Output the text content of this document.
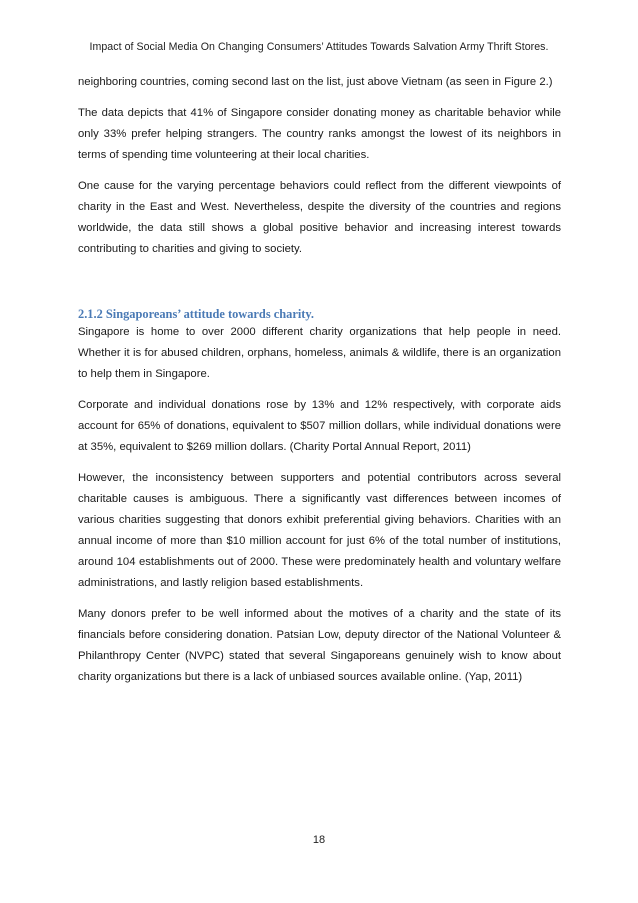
Impact of Social Media On Changing Consumers’ Attitudes Towards Salvation Army Thrift Stores.

neighboring countries, coming second last on the list, just above Vietnam (as seen in Figure 2.)

The data depicts that 41% of Singapore consider donating money as charitable behavior while only 33% prefer helping strangers. The country ranks amongst the lowest of its neighbors in terms of spending time volunteering at their local charities.

One cause for the varying percentage behaviors could reflect from the different viewpoints of charity in the East and West. Nevertheless, despite the diversity of the countries and regions worldwide, the data still shows a global positive behavior and increasing interest towards contributing to charities and giving to society.

2.1.2 Singaporeans’ attitude towards charity.

Singapore is home to over 2000 different charity organizations that help people in need. Whether it is for abused children, orphans, homeless, animals & wildlife, there is an organization to help them in Singapore.

Corporate and individual donations rose by 13% and 12% respectively, with corporate aids account for 65% of donations, equivalent to $507 million dollars, while individual donations were at 35%, equivalent to $269 million dollars. (Charity Portal Annual Report, 2011)

However, the inconsistency between supporters and potential contributors across several charitable causes is ambiguous. There a significantly vast differences between incomes of various charities suggesting that donors exhibit preferential giving behaviors. Charities with an annual income of more than $10 million account for just 6% of the total number of institutions, around 104 establishments out of 2000. These were predominately health and voluntary welfare administrations, and lastly religion based establishments.

Many donors prefer to be well informed about the motives of a charity and the state of its financials before considering donation. Patsian Low, deputy director of the National Volunteer & Philanthropy Center (NVPC) stated that several Singaporeans genuinely wish to know about charity organizations but there is a lack of unbiased sources available online. (Yap, 2011)

18
